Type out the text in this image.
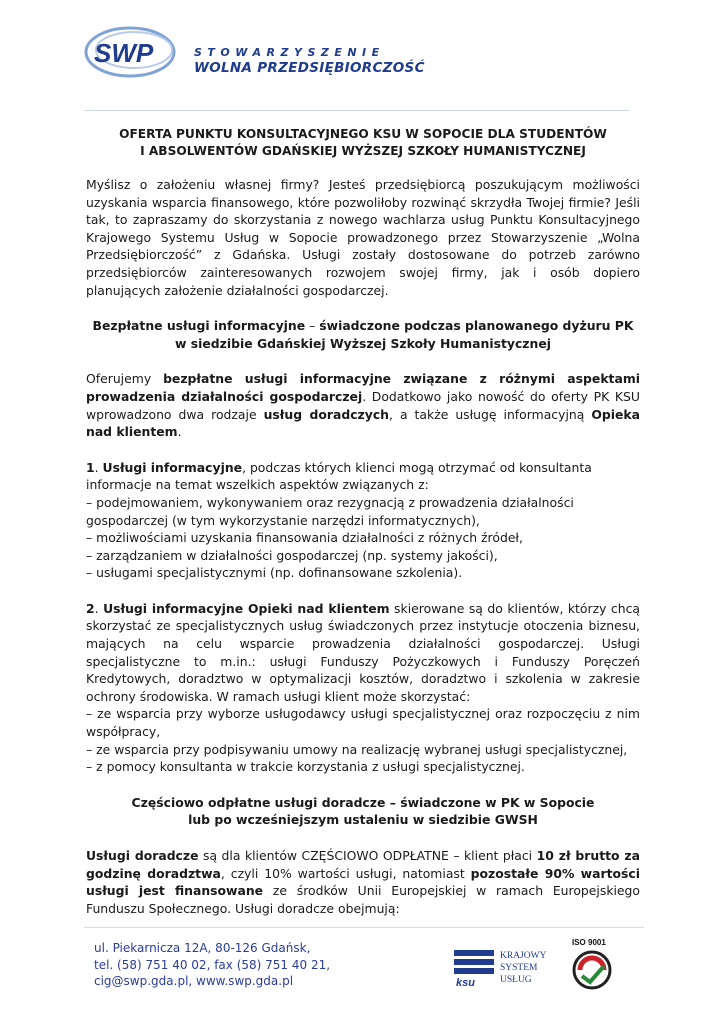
SWP	STOWARZYSZENIE
WOLNA PRZEDSIĘBIORCZOŚĆ

OFERTA PUNKTU KONSULTACYJNEGO KSU W SOPOCIE DLA STUDENTÓW
I ABSOLWENTÓW GDAŃSKIEJ WYŻSZEJ SZKOŁY HUMANISTYCZNEJ

Myślisz o założeniu własnej firmy? Jesteś przedsiębiorcą poszukującym możliwości uzyskania wsparcia finansowego, które pozwoliłoby rozwinąć skrzydła Twojej firmie? Jeśli tak, to zapraszamy do skorzystania z nowego wachlarza usług Punktu Konsultacyjnego Krajowego Systemu Usług w Sopocie prowadzonego przez Stowarzyszenie „Wolna Przedsiębiorczość” z Gdańska. Usługi zostały dostosowane do potrzeb zarówno przedsiębiorców zainteresowanych rozwojem swojej firmy, jak i osób dopiero planujących założenie działalności gospodarczej.

Bezpłatne usługi informacyjne – świadczone podczas planowanego dyżuru PK
w siedzibie Gdańskiej Wyższej Szkoły Humanistycznej

Oferujemy bezpłatne usługi informacyjne związane z różnymi aspektami prowadzenia działalności gospodarczej. Dodatkowo jako nowość do oferty PK KSU wprowadzono dwa rodzaje usług doradczych, a także usługę informacyjną Opieka nad klientem.

1. Usługi informacyjne, podczas których klienci mogą otrzymać od konsultanta informacje na temat wszelkich aspektów związanych z:

– podejmowaniem, wykonywaniem oraz rezygnacją z prowadzenia działalności gospodarczej (w tym wykorzystanie narzędzi informatycznych),

– możliwościami uzyskania finansowania działalności z różnych źródeł,

– zarządzaniem w działalności gospodarczej (np. systemy jakości),

– usługami specjalistycznymi (np. dofinansowane szkolenia).

2. Usługi informacyjne Opieki nad klientem skierowane są do klientów, którzy chcą skorzystać ze specjalistycznych usług świadczonych przez instytucje otoczenia biznesu, mających na celu wsparcie prowadzenia działalności gospodarczej. Usługi specjalistyczne to m.in.: usługi Funduszy Pożyczkowych i Funduszy Poręczeń Kredytowych, doradztwo w optymalizacji kosztów, doradztwo i szkolenia w zakresie ochrony środowiska. W ramach usługi klient może skorzystać:

– ze wsparcia przy wyborze usługodawcy usługi specjalistycznej oraz rozpoczęciu z nim współpracy,

– ze wsparcia przy podpisywaniu umowy na realizację wybranej usługi specjalistycznej,

– z pomocy konsultanta w trakcie korzystania z usługi specjalistycznej.

Częściowo odpłatne usługi doradcze – świadczone w PK w Sopocie
lub po wcześniejszym ustaleniu w siedzibie GWSH

Usługi doradcze są dla klientów CZĘŚCIOWO ODPŁATNE – klient płaci 10 zł brutto za godzinę doradztwa, czyli 10% wartości usługi, natomiast pozostałe 90% wartości usługi jest finansowane ze środków Unii Europejskiej w ramach Europejskiego Funduszu Społecznego. Usługi doradcze obejmują:

ul. Piekarnicza 12A, 80-126 Gdańsk,
tel. (58) 751 40 02, fax (58) 751 40 21,
cig@swp.gda.pl, www.swp.gda.pl	ksu
KRAJOWY
SYSTEM
USŁUG
ISO 9001
